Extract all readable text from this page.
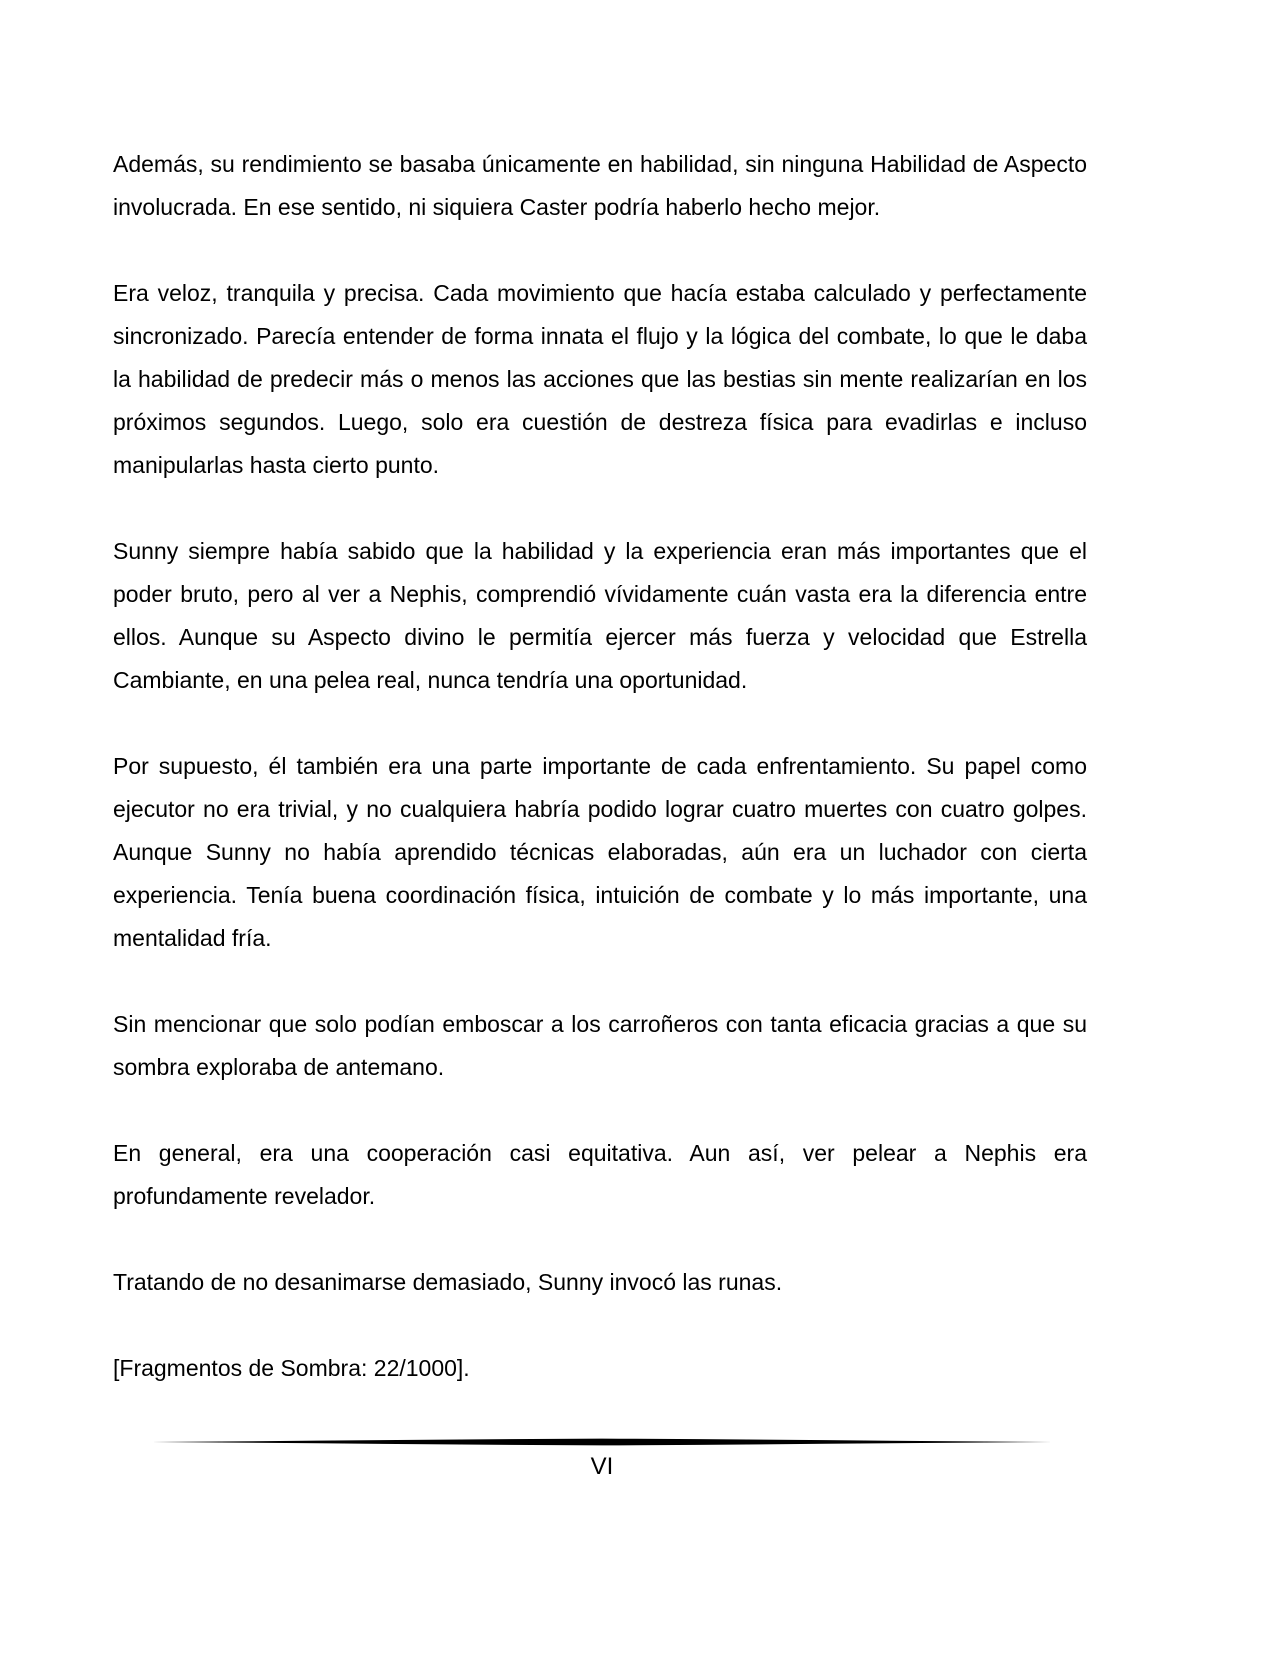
Además, su rendimiento se basaba únicamente en habilidad, sin ninguna Habilidad de Aspecto involucrada. En ese sentido, ni siquiera Caster podría haberlo hecho mejor.

Era veloz, tranquila y precisa. Cada movimiento que hacía estaba calculado y perfectamente sincronizado. Parecía entender de forma innata el flujo y la lógica del combate, lo que le daba la habilidad de predecir más o menos las acciones que las bestias sin mente realizarían en los próximos segundos. Luego, solo era cuestión de destreza física para evadirlas e incluso manipularlas hasta cierto punto.

Sunny siempre había sabido que la habilidad y la experiencia eran más importantes que el poder bruto, pero al ver a Nephis, comprendió vívidamente cuán vasta era la diferencia entre ellos. Aunque su Aspecto divino le permitía ejercer más fuerza y velocidad que Estrella Cambiante, en una pelea real, nunca tendría una oportunidad.

Por supuesto, él también era una parte importante de cada enfrentamiento. Su papel como ejecutor no era trivial, y no cualquiera habría podido lograr cuatro muertes con cuatro golpes. Aunque Sunny no había aprendido técnicas elaboradas, aún era un luchador con cierta experiencia. Tenía buena coordinación física, intuición de combate y lo más importante, una mentalidad fría.

Sin mencionar que solo podían emboscar a los carroñeros con tanta eficacia gracias a que su sombra exploraba de antemano.

En general, era una cooperación casi equitativa. Aun así, ver pelear a Nephis era profundamente revelador.

Tratando de no desanimarse demasiado, Sunny invocó las runas.

[Fragmentos de Sombra: 22/1000].

VI
